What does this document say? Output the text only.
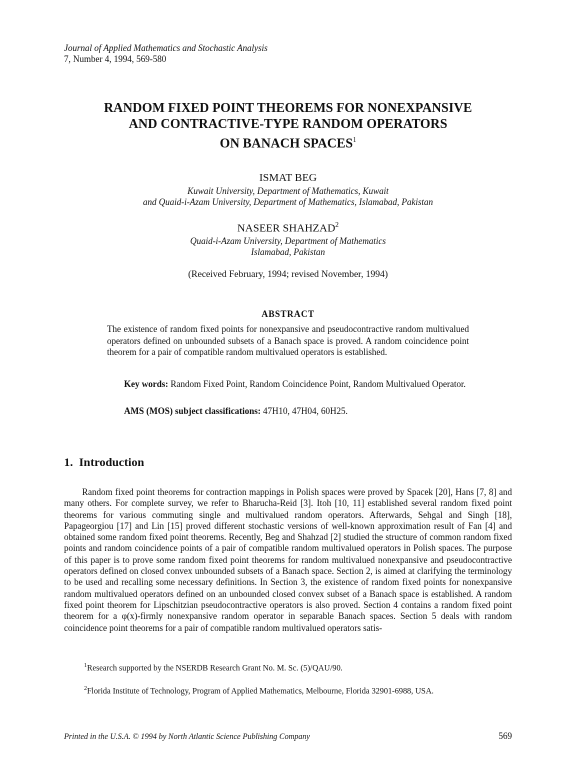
Journal of Applied Mathematics and Stochastic Analysis
7, Number 4, 1994, 569-580
RANDOM FIXED POINT THEOREMS FOR NONEXPANSIVE
AND CONTRACTIVE-TYPE RANDOM OPERATORS
ON BANACH SPACES$^1$
ISMAT BEG
Kuwait University, Department of Mathematics, Kuwait
and Quaid-i-Azam University, Department of Mathematics, Islamabad, Pakistan
NASEER SHAHZAD$^2$
Quaid-i-Azam University, Department of Mathematics
Islamabad, Pakistan
(Received February, 1994; revised November, 1994)
ABSTRACT
The existence of random fixed points for nonexpansive and pseudocontractive random multivalued operators defined on unbounded subsets of a Banach space is proved. A random coincidence point theorem for a pair of compatible random multivalued operators is established.
Key words: Random Fixed Point, Random Coincidence Point, Random Multivalued Operator.
AMS (MOS) subject classifications: 47H10, 47H04, 60H25.
1. Introduction
Random fixed point theorems for contraction mappings in Polish spaces were proved by Spacek [20], Hans [7, 8] and many others. For complete survey, we refer to Bharucha-Reid [3]. Itoh [10, 11] established several random fixed point theorems for various commuting single and multivalued random operators. Afterwards, Sehgal and Singh [18], Papageorgiou [17] and Lin [15] proved different stochastic versions of well-known approximation result of Fan [4] and obtained some random fixed point theorems. Recently, Beg and Shahzad [2] studied the structure of common random fixed points and random coincidence points of a pair of compatible random multivalued operators in Polish spaces. The purpose of this paper is to prove some random fixed point theorems for random multivalued nonexpansive and pseudocontractive operators defined on closed convex unbounded subsets of a Banach space. Section 2, is aimed at clarifying the terminology to be used and recalling some necessary definitions. In Section 3, the existence of random fixed points for nonexpansive random multivalued operators defined on an unbounded closed convex subset of a Banach space is established. A random fixed point theorem for Lipschitzian pseudocontractive operators is also proved. Section 4 contains a random fixed point theorem for a φ(x)-firmly nonexpansive random operator in separable Banach spaces. Section 5 deals with random coincidence point theorems for a pair of compatible random multivalued operators satis-
$^1$Research supported by the NSERDB Research Grant No. M. Sc. (5)/QAU/90.
$^2$Florida Institute of Technology, Program of Applied Mathematics, Melbourne, Florida 32901-6988, USA.
Printed in the U.S.A. © 1994 by North Atlantic Science Publishing Company	569
